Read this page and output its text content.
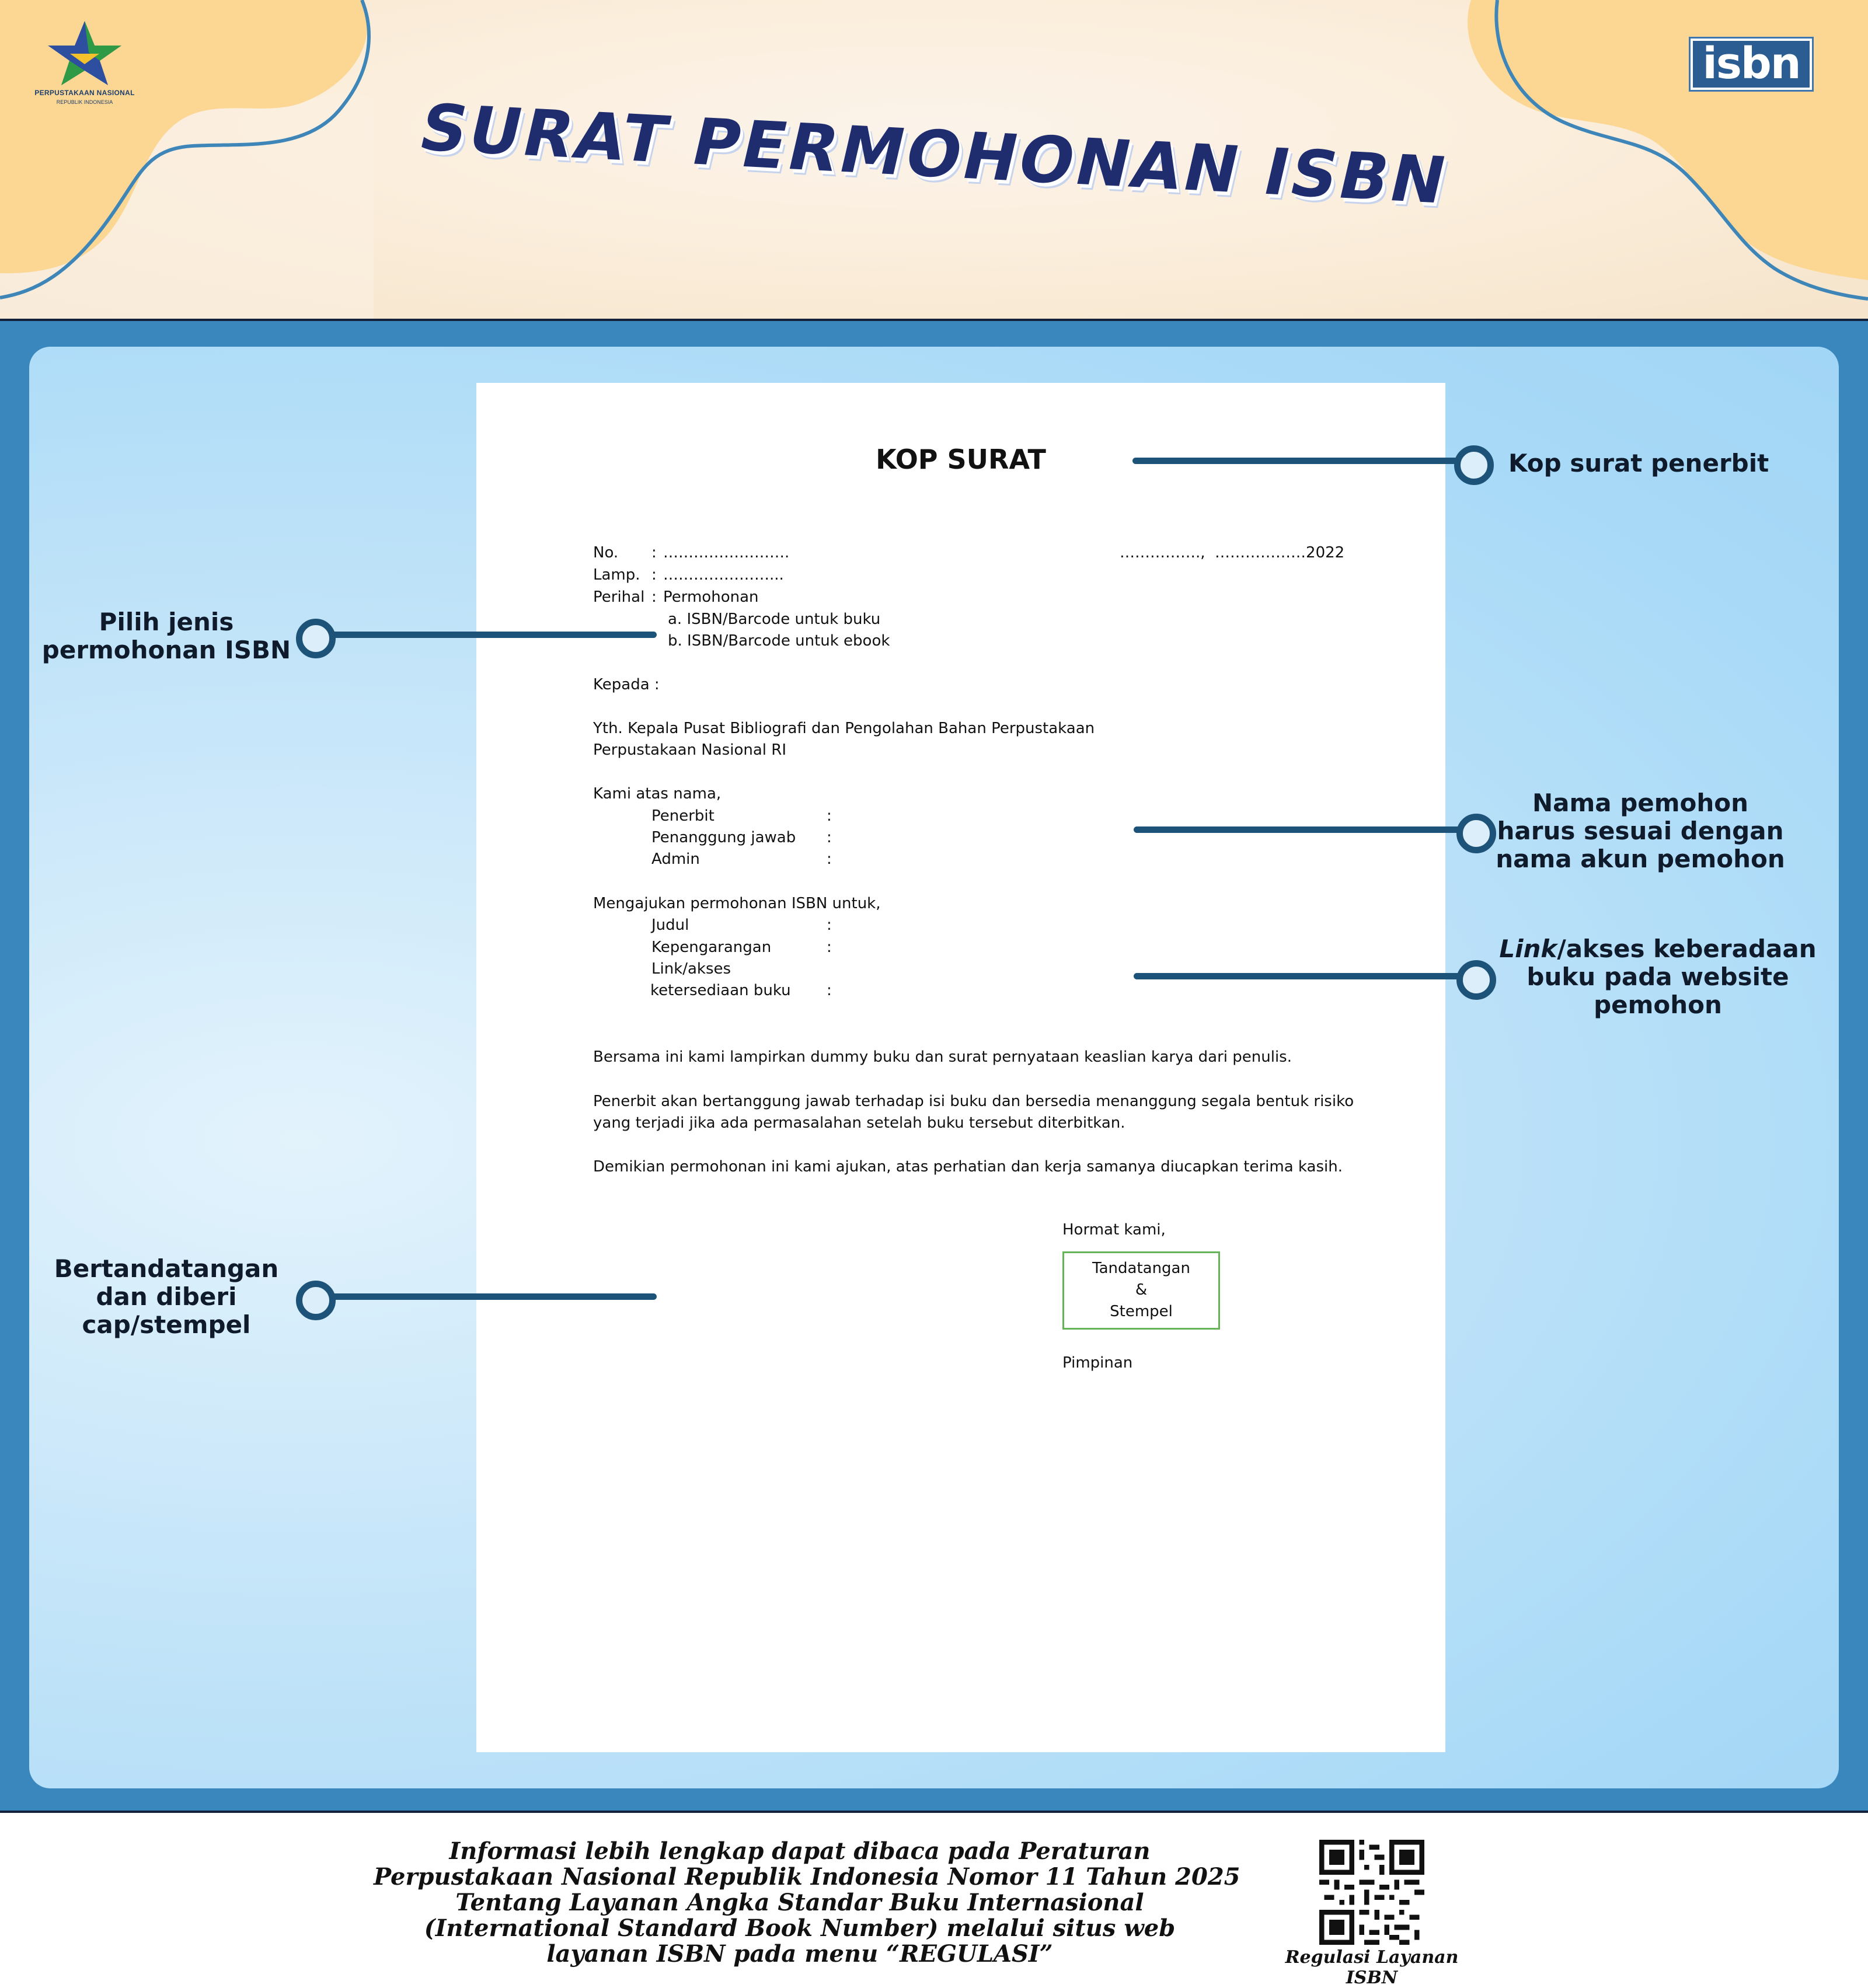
PERPUSTAKAAN NASIONAL
REPUBLIK INDONESIA
isbn
SURAT PERMOHONAN ISBN
KOP SURAT
No. : …………………….
Lamp. : …………………...
Perihal : Permohonan
a. ISBN/Barcode untuk buku
b. ISBN/Barcode untuk ebook
…………….,  ………………2022
Kepada :
Yth. Kepala Pusat Bibliografi dan Pengolahan Bahan Perpustakaan
Perpustakaan Nasional RI
Kami atas nama,
Penerbit	:
Penanggung jawab :
Admin	:
Mengajukan permohonan ISBN untuk,
Judul	:
Kepengarangan	:
Link/akses
ketersediaan buku :
Bersama ini kami lampirkan dummy buku dan surat pernyataan keaslian karya dari penulis.
Penerbit akan bertanggung jawab terhadap isi buku dan bersedia menanggung segala bentuk risiko
yang terjadi jika ada permasalahan setelah buku tersebut diterbitkan.
Demikian permohonan ini kami ajukan, atas perhatian dan kerja samanya diucapkan terima kasih.
Hormat kami,
Tandatangan
&
Stempel
Pimpinan
Kop surat penerbit
Pilih jenis
permohonan ISBN
Nama pemohon
harus sesuai dengan
nama akun pemohon
Link/akses keberadaan
buku pada website
pemohon
Bertandatangan
dan diberi
cap/stempel
Informasi lebih lengkap dapat dibaca pada Peraturan
Perpustakaan Nasional Republik Indonesia Nomor 11 Tahun 2025
Tentang Layanan Angka Standar Buku Internasional
(International Standard Book Number) melalui situs web
layanan ISBN pada menu “REGULASI”	Regulasi Layanan ISBN
